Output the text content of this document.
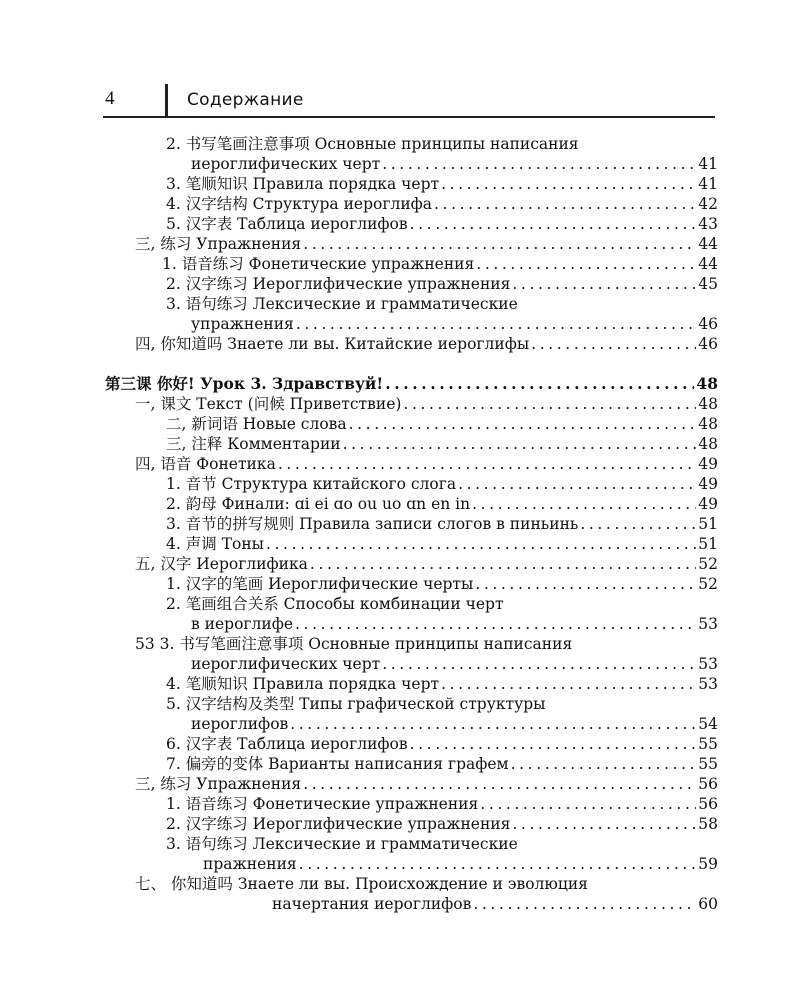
4	Содержание
2. 书写笔画注意事项 Основные принципы написания
иероглифических черт .....	41
3. 笔顺知识 Правила порядка черт .....	41
4. 汉字结构 Структура иероглифа .....	42
5. 汉字表 Таблица иероглифов .....	43
三, 练习 Упражнения .....	44
1. 语音练习 Фонетические упражнения .....	44
2. 汉字练习 Иероглифические упражнения .....	45
3. 语句练习 Лексические и грамматические
упражнения .....	46
四, 你知道吗 Знаете ли вы. Китайские иероглифы .....	46
第三课 你好! Урок 3. Здравствуй! .....	48
一, 课文 Текст (问候 Приветствие) .....	48
二, 新词语 Новые слова .....	48
三, 注释 Комментарии .....	48
四, 语音 Фонетика .....	49
1. 音节 Структура китайского слога .....	49
2. 韵母 Финали: ɑi ei ɑo ou uo ɑn en in .....	49
3. 音节的拼写规则 Правила записи слогов в пиньинь .....	51
4. 声调 Тоны .....	51
五, 汉字 Иероглифика .....	52
1. 汉字的笔画 Иероглифические черты .....	52
2. 笔画组合关系 Способы комбинации черт
в иероглифе .....	53
53 3. 书写笔画注意事项 Основные принципы написания
иероглифических черт .....	53
4. 笔顺知识 Правила порядка черт .....	53
5. 汉字结构及类型 Типы графической структуры
иероглифов .....	54
6. 汉字表 Таблица иероглифов .....	55
7. 偏旁的变体 Варианты написания графем .....	55
三, 练习 Упражнения .....	56
1. 语音练习 Фонетические упражнения .....	56
2. 汉字练习 Иероглифические упражнения .....	58
3. 语句练习 Лексические и грамматические
пражнения .....	59
七、 你知道吗 Знаете ли вы. Происхождение и эволюция
начертания иероглифов .....	60
